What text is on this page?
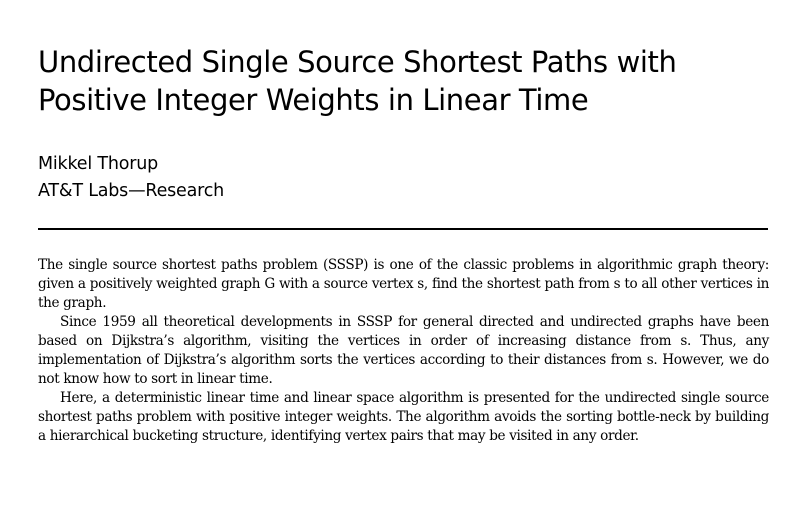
Undirected Single Source Shortest Paths with Positive Integer Weights in Linear Time
Mikkel Thorup
AT&T Labs—Research

The single source shortest paths problem (SSSP) is one of the classic problems in algorithmic graph theory: given a positively weighted graph G with a source vertex s, find the shortest path from s to all other vertices in the graph.

Since 1959 all theoretical developments in SSSP for general directed and undirected graphs have been based on Dijkstra’s algorithm, visiting the vertices in order of increasing distance from s. Thus, any implementation of Dijkstra’s algorithm sorts the vertices according to their distances from s. However, we do not know how to sort in linear time.

Here, a deterministic linear time and linear space algorithm is presented for the undirected single source shortest paths problem with positive integer weights. The algorithm avoids the sorting bottle-neck by building a hierarchical bucketing structure, identifying vertex pairs that may be visited in any order.
